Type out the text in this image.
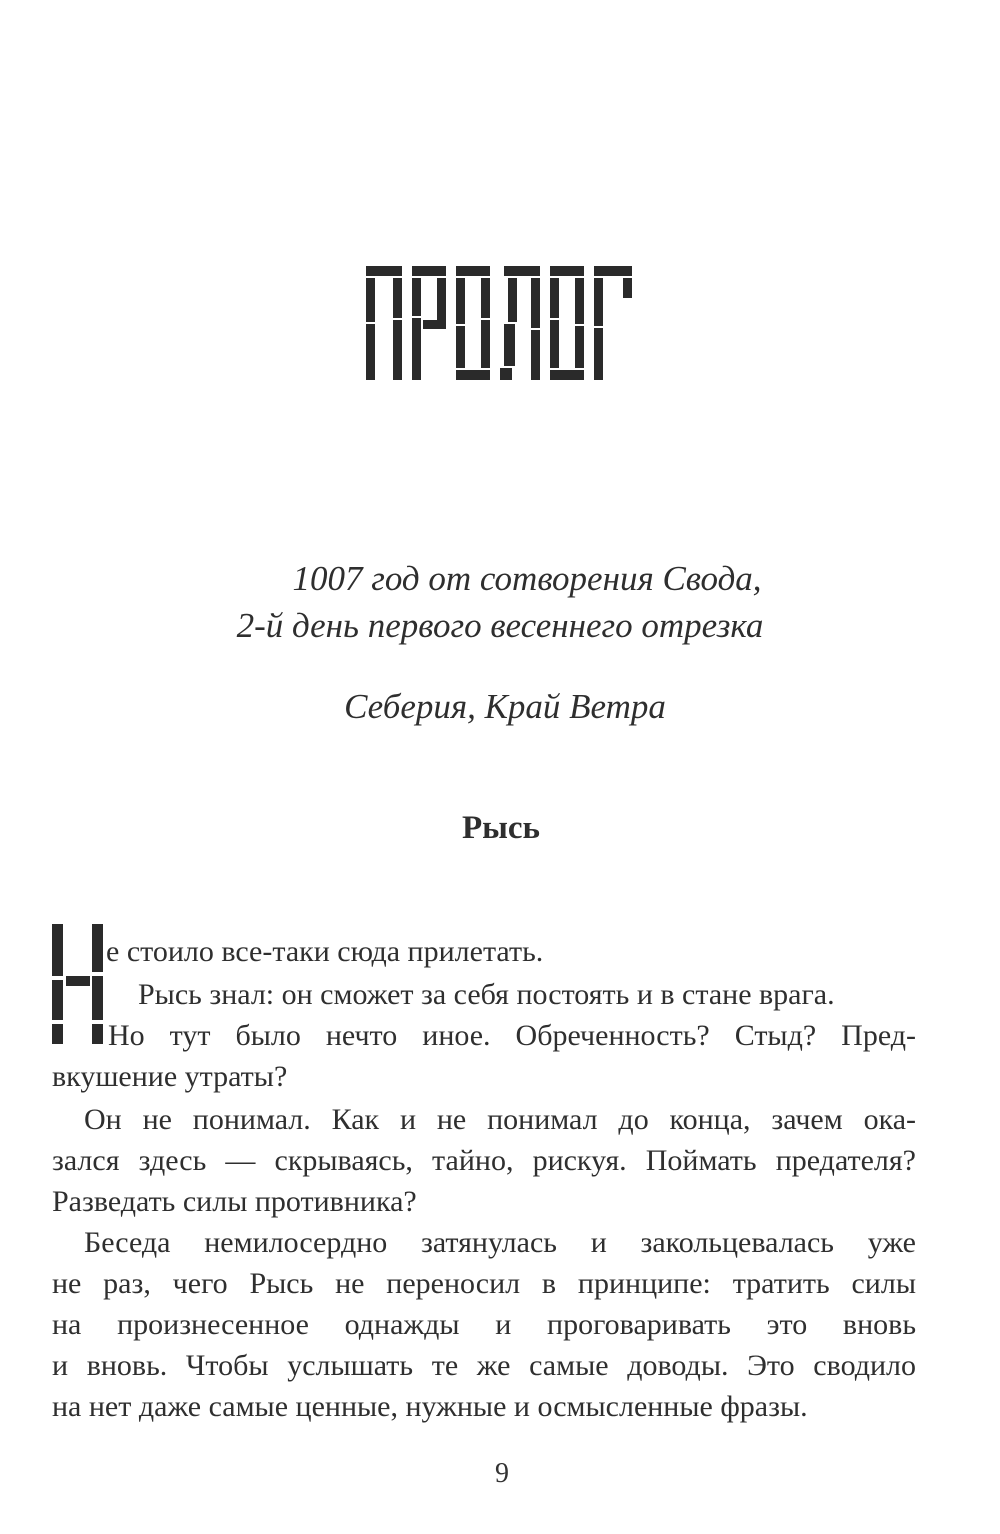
1007 год от сотворения Свода,
2-й день первого весеннего отрезка
Себерия, Край Ветра
Рысь
е стоило все-таки сюда прилетать.
Рысь знал: он сможет за себя постоять и в стане врага.
Но тут было нечто иное. Обреченность? Стыд? Пред-
вкушение утраты?
Он не понимал. Как и не понимал до конца, зачем ока-
зался здесь — скрываясь, тайно, рискуя. Поймать предателя?
Разведать силы противника?
Беседа немилосердно затянулась и закольцевалась уже
не раз, чего Рысь не переносил в принципе: тратить силы
на произнесенное однажды и проговаривать это вновь
и вновь. Чтобы услышать те же самые доводы. Это сводило
на нет даже самые ценные, нужные и осмысленные фразы.
9
